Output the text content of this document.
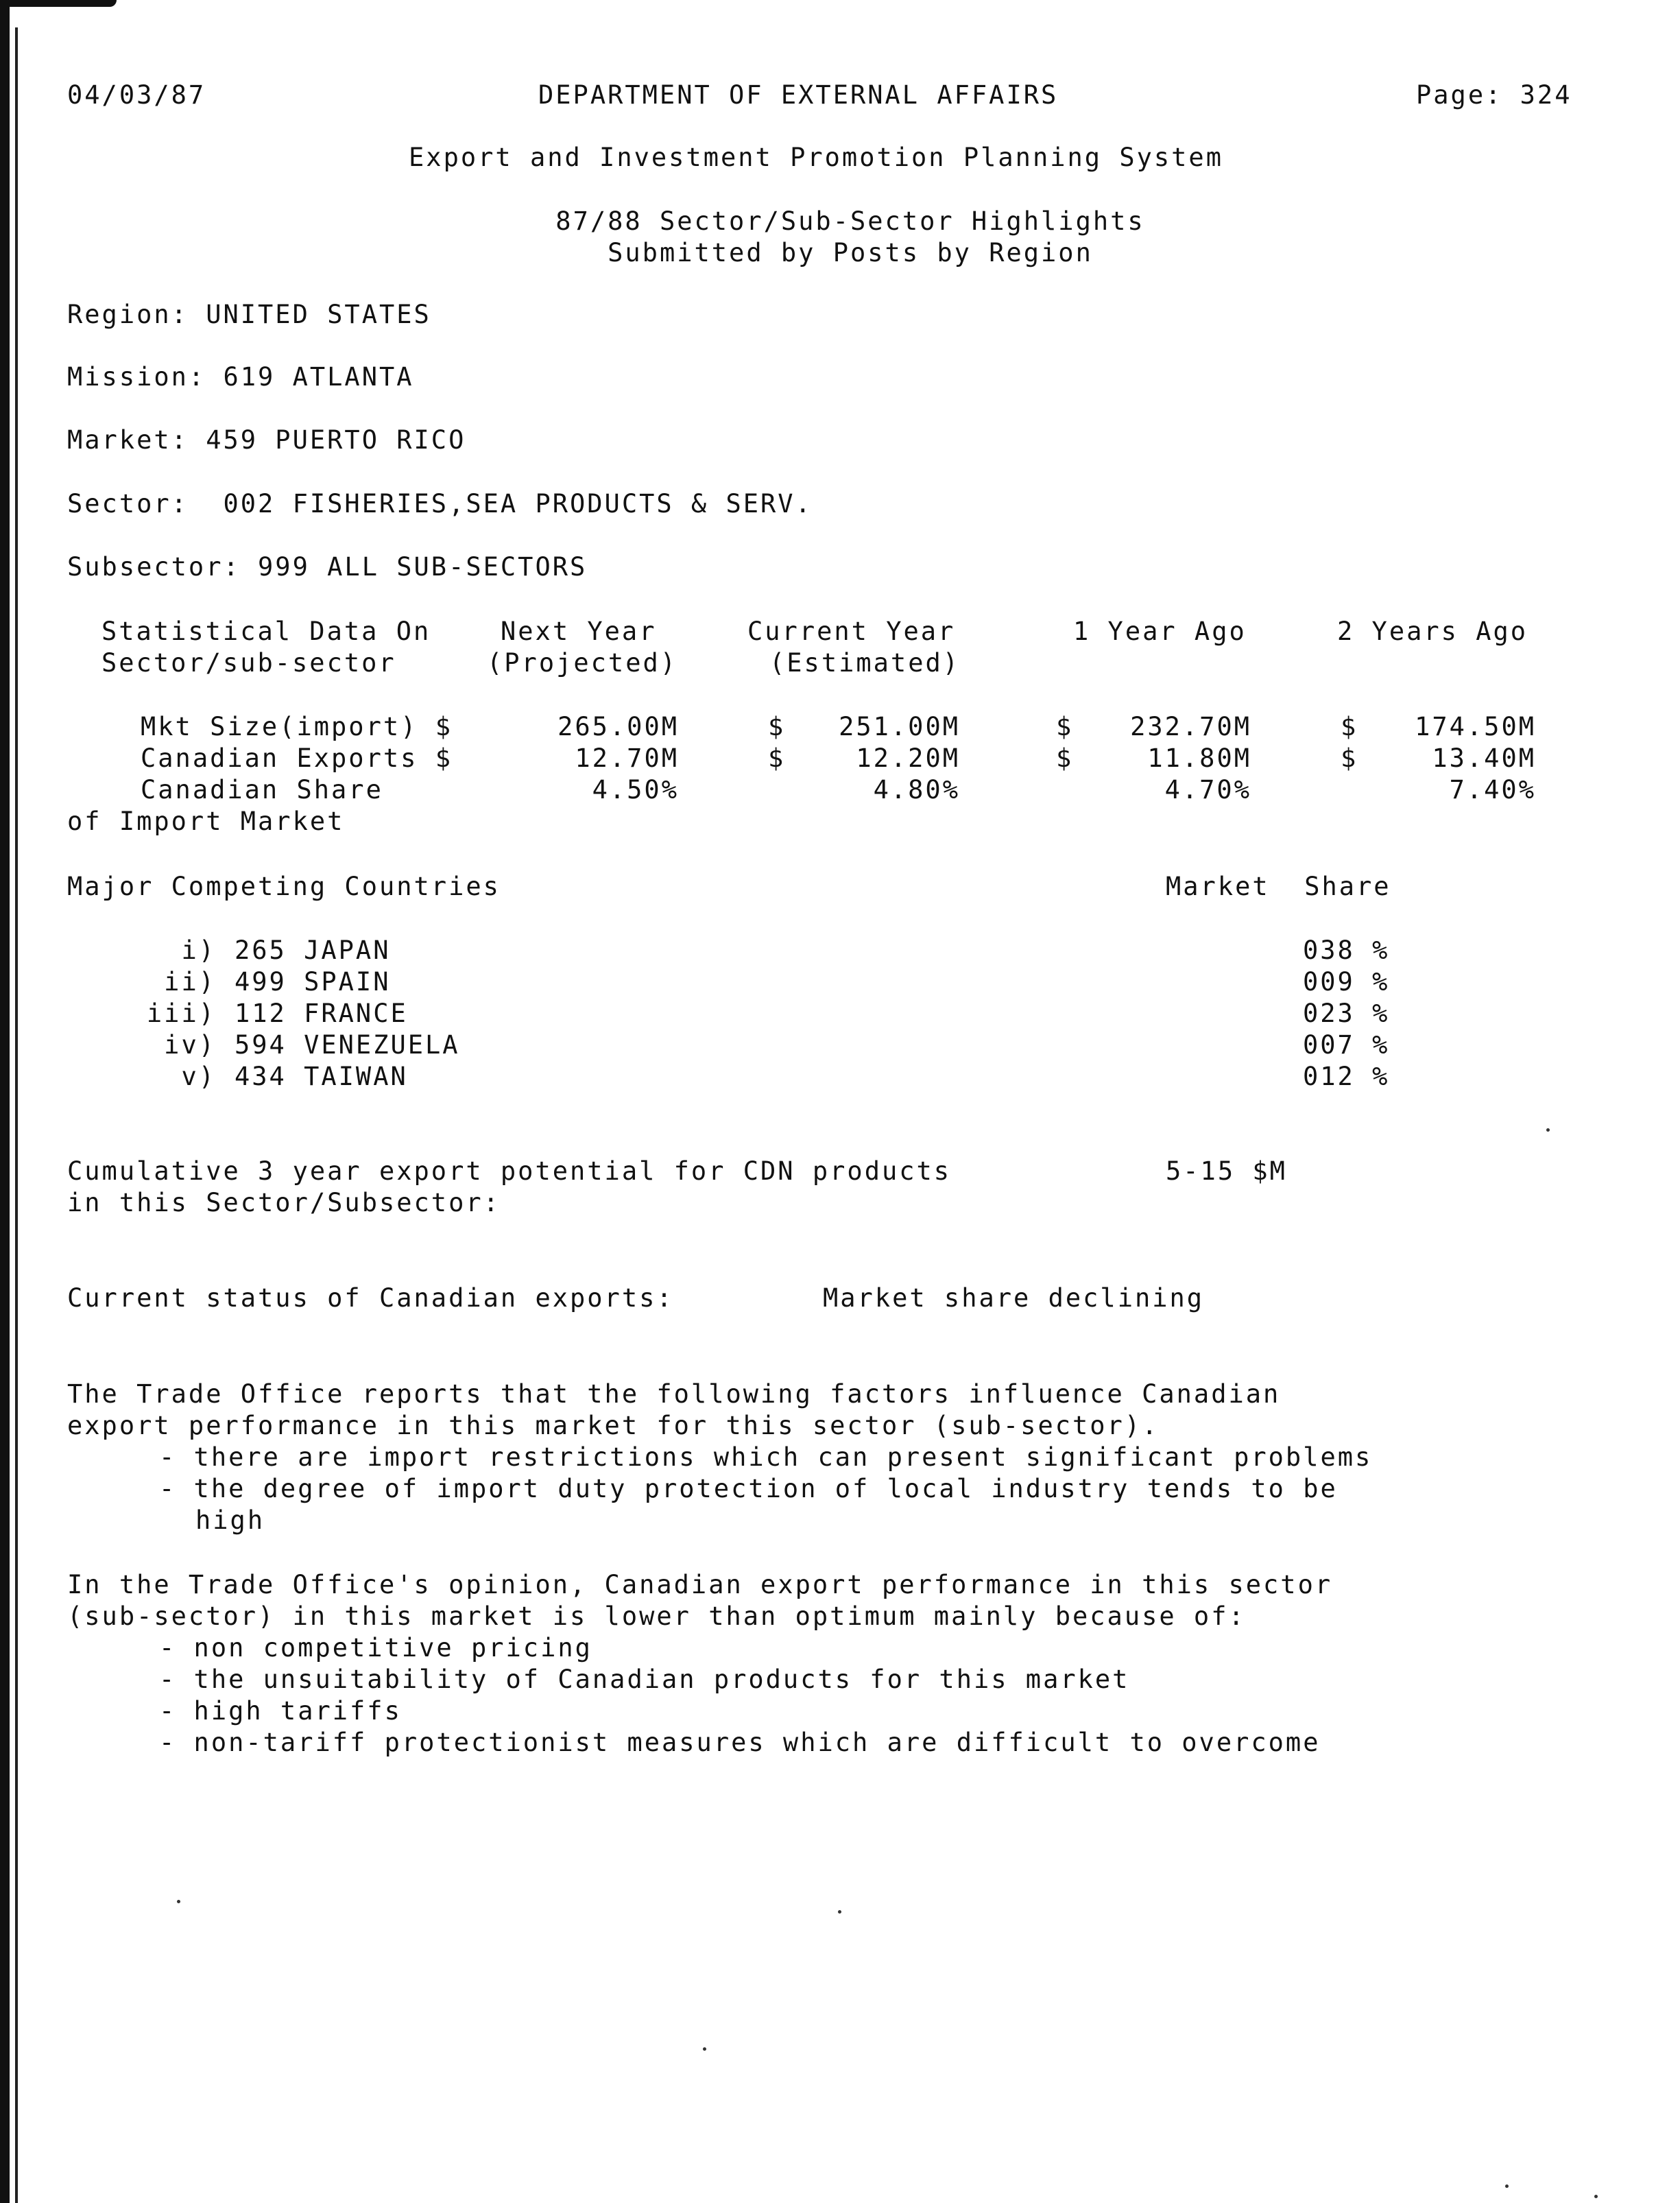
04/03/87	DEPARTMENT OF EXTERNAL AFFAIRS	Page: 324
Export and Investment Promotion Planning System
87/88 Sector/Sub-Sector Highlights
Submitted by Posts by Region
Region: UNITED STATES
Mission: 619 ATLANTA
Market: 459 PUERTO RICO
Sector:  002 FISHERIES,SEA PRODUCTS & SERV.
Subsector: 999 ALL SUB-SECTORS
Statistical Data On	Next Year	Current Year	1 Year Ago	2 Years Ago
Sector/sub-sector	(Projected)	(Estimated)
Mkt Size(import) $	265.00M	$	251.00M	$	232.70M	$	174.50M
Canadian Exports $	12.70M	$	12.20M	$	11.80M	$	13.40M
Canadian Share	4.50%	4.80%	4.70%	7.40%
of Import Market
Major Competing Countries	Market  Share
i) 265 JAPAN	038 %
ii) 499 SPAIN	009 %
iii) 112 FRANCE	023 %
iv) 594 VENEZUELA	007 %
v) 434 TAIWAN	012 %
Cumulative 3 year export potential for CDN products	5-15 $M
in this Sector/Subsector:
Current status of Canadian exports:	Market share declining
The Trade Office reports that the following factors influence Canadian
export performance in this market for this sector (sub-sector).
- there are import restrictions which can present significant problems
- the degree of import duty protection of local industry tends to be
high
In the Trade Office's opinion, Canadian export performance in this sector
(sub-sector) in this market is lower than optimum mainly because of:
- non competitive pricing
- the unsuitability of Canadian products for this market
- high tariffs
- non-tariff protectionist measures which are difficult to overcome
